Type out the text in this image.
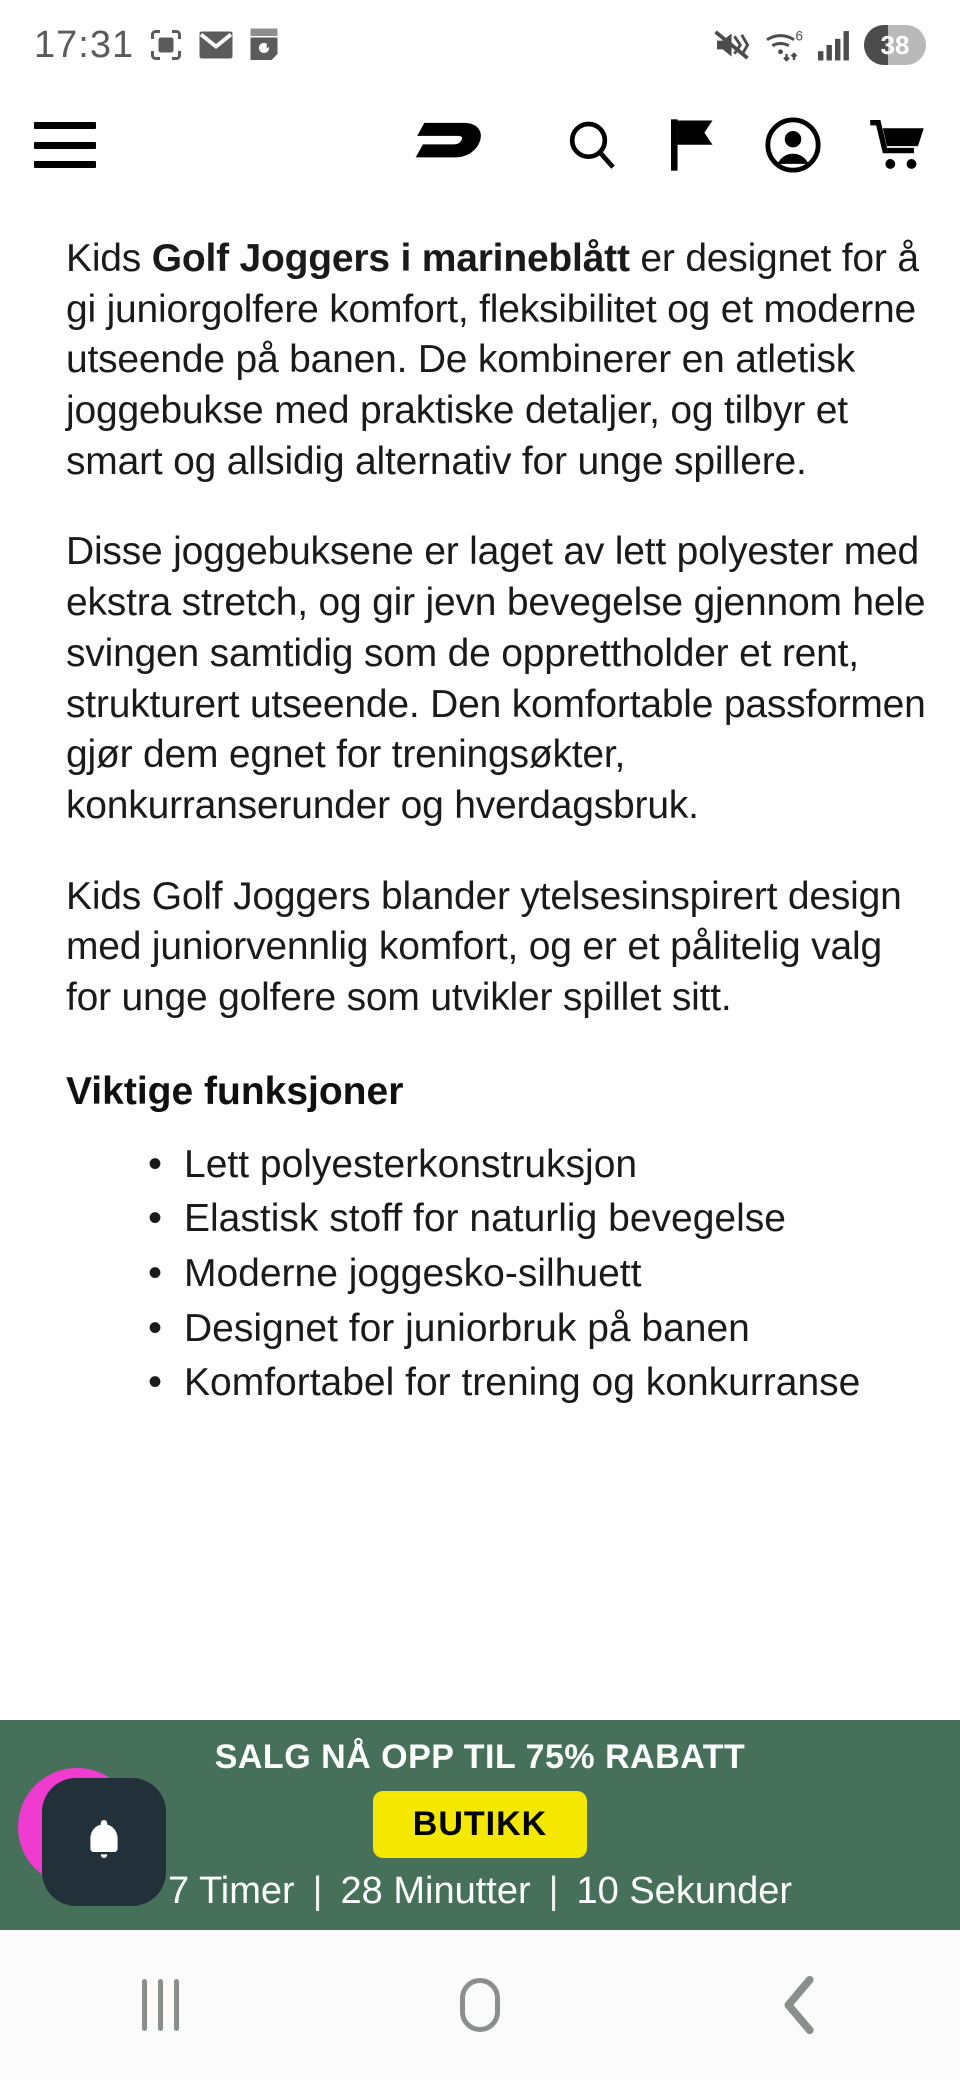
17:31	6	38

Kids Golf Joggers i marineblått er designet for å gi juniorgolfere komfort, fleksibilitet og et moderne utseende på banen. De kombinerer en atletisk joggebukse med praktiske detaljer, og tilbyr et smart og allsidig alternativ for unge spillere.

Disse joggebuksene er laget av lett polyester med ekstra stretch, og gir jevn bevegelse gjennom hele svingen samtidig som de opprettholder et rent, strukturert utseende. Den komfortable passformen gjør dem egnet for treningsøkter, konkurranserunder og hverdagsbruk.

Kids Golf Joggers blander ytelsesinspirert design med juniorvennlig komfort, og er et pålitelig valg for unge golfere som utvikler spillet sitt.

Viktige funksjoner
• Lett polyesterkonstruksjon
• Elastisk stoff for naturlig bevegelse
• Moderne joggesko-silhuett
• Designet for juniorbruk på banen
• Komfortabel for trening og konkurranse
SALG NÅ OPP TIL 75% RABATT
BUTIKK
7 Timer | 28 Minutter | 10 Sekunder
